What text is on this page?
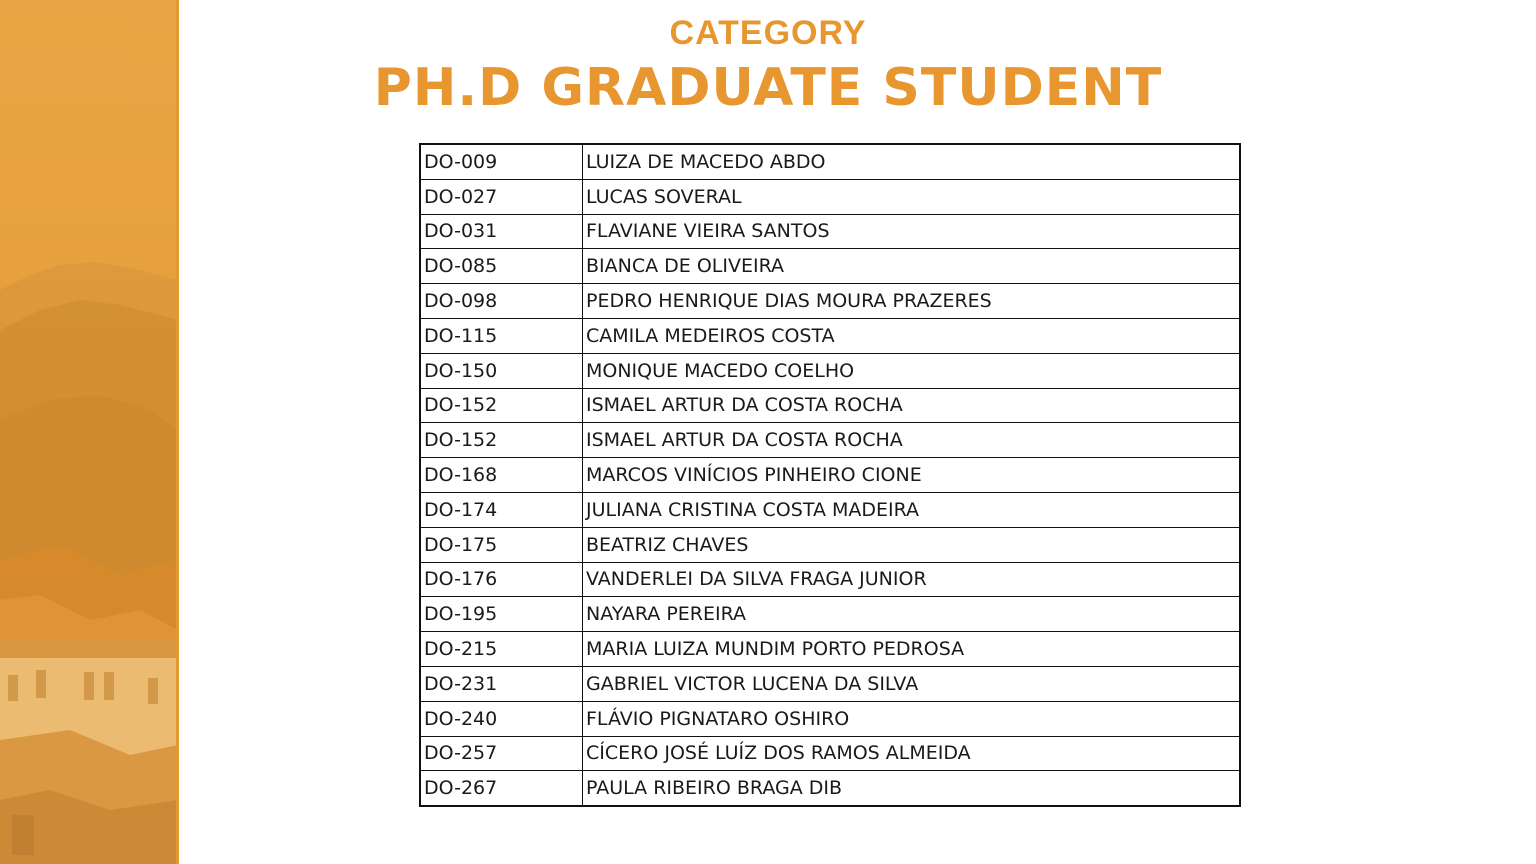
CATEGORY
PH.D GRADUATE STUDENT
DO-009	LUIZA DE MACEDO ABDO
DO-027	LUCAS SOVERAL
DO-031	FLAVIANE VIEIRA SANTOS
DO-085	BIANCA DE OLIVEIRA
DO-098	PEDRO HENRIQUE DIAS MOURA PRAZERES
DO-115	CAMILA MEDEIROS COSTA
DO-150	MONIQUE MACEDO COELHO
DO-152	ISMAEL ARTUR DA COSTA ROCHA
DO-152	ISMAEL ARTUR DA COSTA ROCHA
DO-168	MARCOS VINÍCIOS PINHEIRO CIONE
DO-174	JULIANA CRISTINA COSTA MADEIRA
DO-175	BEATRIZ CHAVES
DO-176	VANDERLEI DA SILVA FRAGA JUNIOR
DO-195	NAYARA PEREIRA
DO-215	MARIA LUIZA MUNDIM PORTO PEDROSA
DO-231	GABRIEL VICTOR LUCENA DA SILVA
DO-240	FLÁVIO PIGNATARO OSHIRO
DO-257	CÍCERO JOSÉ LUÍZ DOS RAMOS ALMEIDA
DO-267	PAULA RIBEIRO BRAGA DIB
